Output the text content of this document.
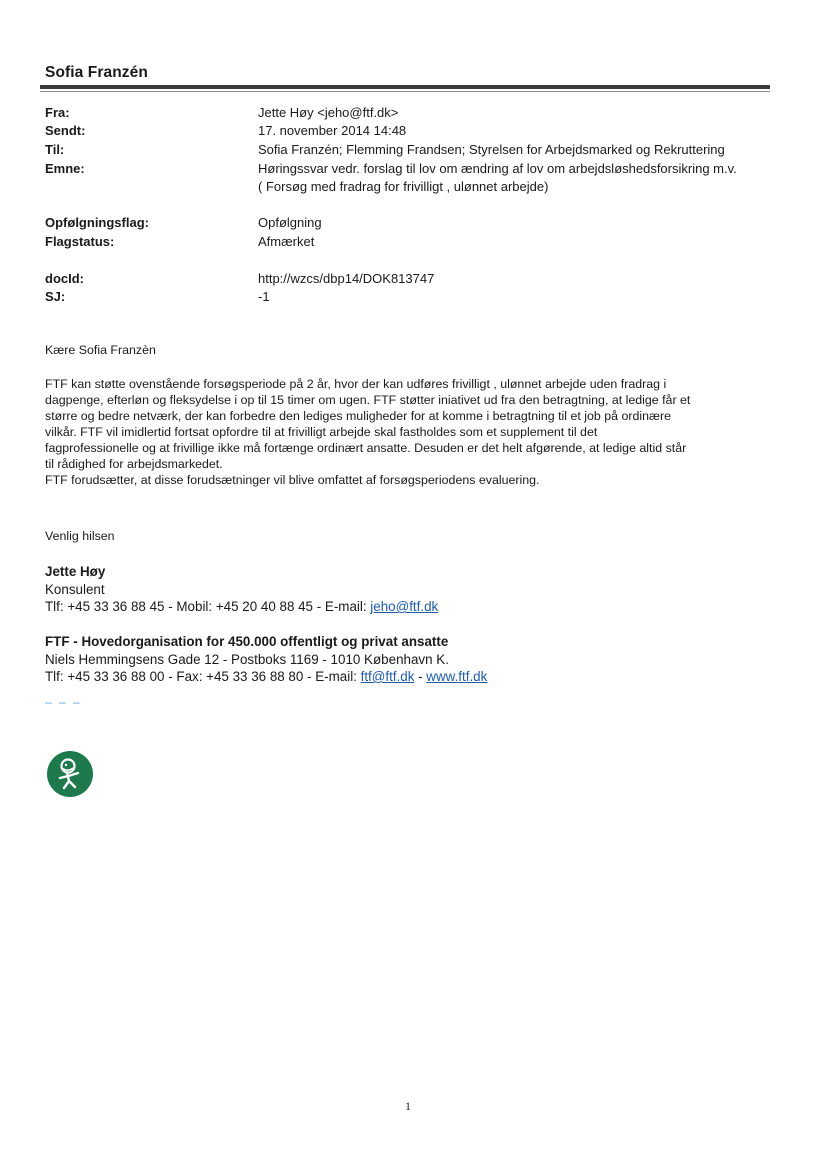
Sofia Franzén
Fra:	Jette Høy <jeho@ftf.dk>
Sendt:	17. november 2014 14:48
Til:	Sofia Franzén; Flemming Frandsen; Styrelsen for Arbejdsmarked og Rekruttering
Emne:	Høringssvar vedr. forslag til lov om ændring af lov om arbejdsløshedsforsikring m.v.
( Forsøg med fradrag for frivilligt , ulønnet arbejde)
Opfølgningsflag:	Opfølgning
Flagstatus:	Afmærket
docId:	http://wzcs/dbp14/DOK813747
SJ:	-1
Kære Sofia Franzèn
FTF kan støtte ovenstående forsøgsperiode på 2 år, hvor der kan udføres frivilligt , ulønnet arbejde uden fradrag i
dagpenge, efterløn og fleksydelse i op til 15 timer om ugen. FTF støtter iniativet ud fra den betragtning, at ledige får et
større og bedre netværk, der kan forbedre den lediges muligheder for at komme i betragtning til et job på ordinære
vilkår. FTF vil imidlertid fortsat opfordre til at frivilligt arbejde skal fastholdes som et supplement til det
fagprofessionelle og at frivillige ikke må fortænge ordinært ansatte. Desuden er det helt afgørende, at ledige altid står
til rådighed for arbejdsmarkedet.
FTF forudsætter, at disse forudsætninger vil blive omfattet af forsøgsperiodens evaluering.
Venlig hilsen
Jette Høy
Konsulent
Tlf: +45 33 36 88 45 - Mobil: +45 20 40 88 45 - E-mail: jeho@ftf.dk
FTF - Hovedorganisation for 450.000 offentligt og privat ansatte
Niels Hemmingsens Gade 12 - Postboks 1169 - 1010 København K.
Tlf: +45 33 36 88 00 - Fax: +45 33 36 88 80 - E-mail: ftf@ftf.dk - www.ftf.dk
– – –
1
